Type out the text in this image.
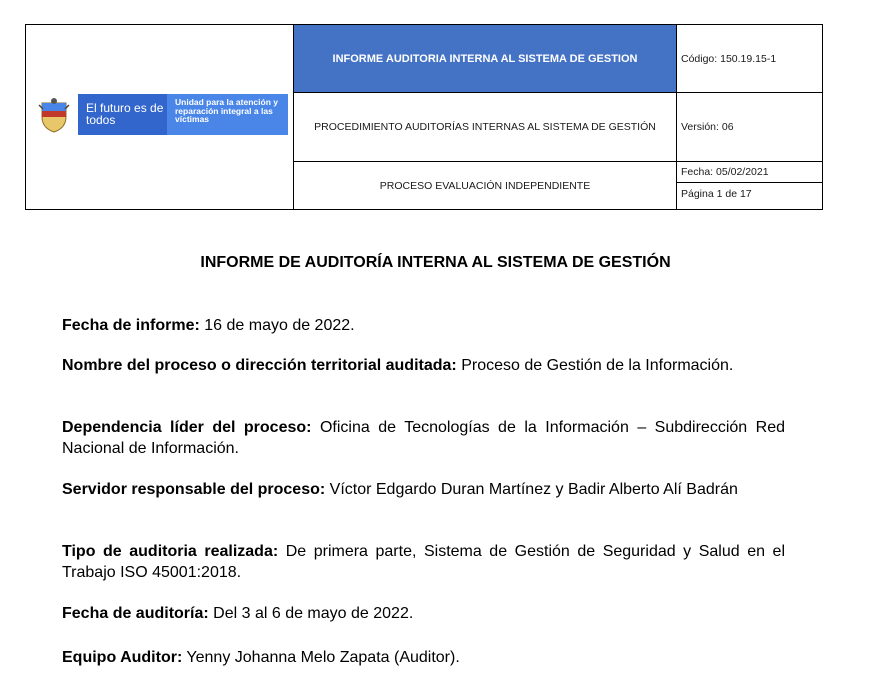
El futuro es de todos
Unidad para la atención y reparación integral a las víctimas
INFORME AUDITORIA INTERNA AL SISTEMA DE GESTION
PROCEDIMIENTO AUDITORÍAS INTERNAS AL SISTEMA DE GESTIÓN
PROCESO EVALUACIÓN INDEPENDIENTE
Código: 150.19.15-1
Versión: 06
Fecha: 05/02/2021
Página 1 de 17
INFORME DE AUDITORÍA INTERNA AL SISTEMA DE GESTIÓN
Fecha de informe: 16 de mayo de 2022.
Nombre del proceso o dirección territorial auditada: Proceso de Gestión de la Información.
Dependencia líder del proceso: Oficina de Tecnologías de la Información – Subdirección Red Nacional de Información.
Servidor responsable del proceso: Víctor Edgardo Duran Martínez y Badir Alberto Alí Badrán
Tipo de auditoria realizada: De primera parte, Sistema de Gestión de Seguridad y Salud en el Trabajo ISO 45001:2018.
Fecha de auditoría: Del 3 al 6 de mayo de 2022.
Equipo Auditor: Yenny Johanna Melo Zapata (Auditor).
